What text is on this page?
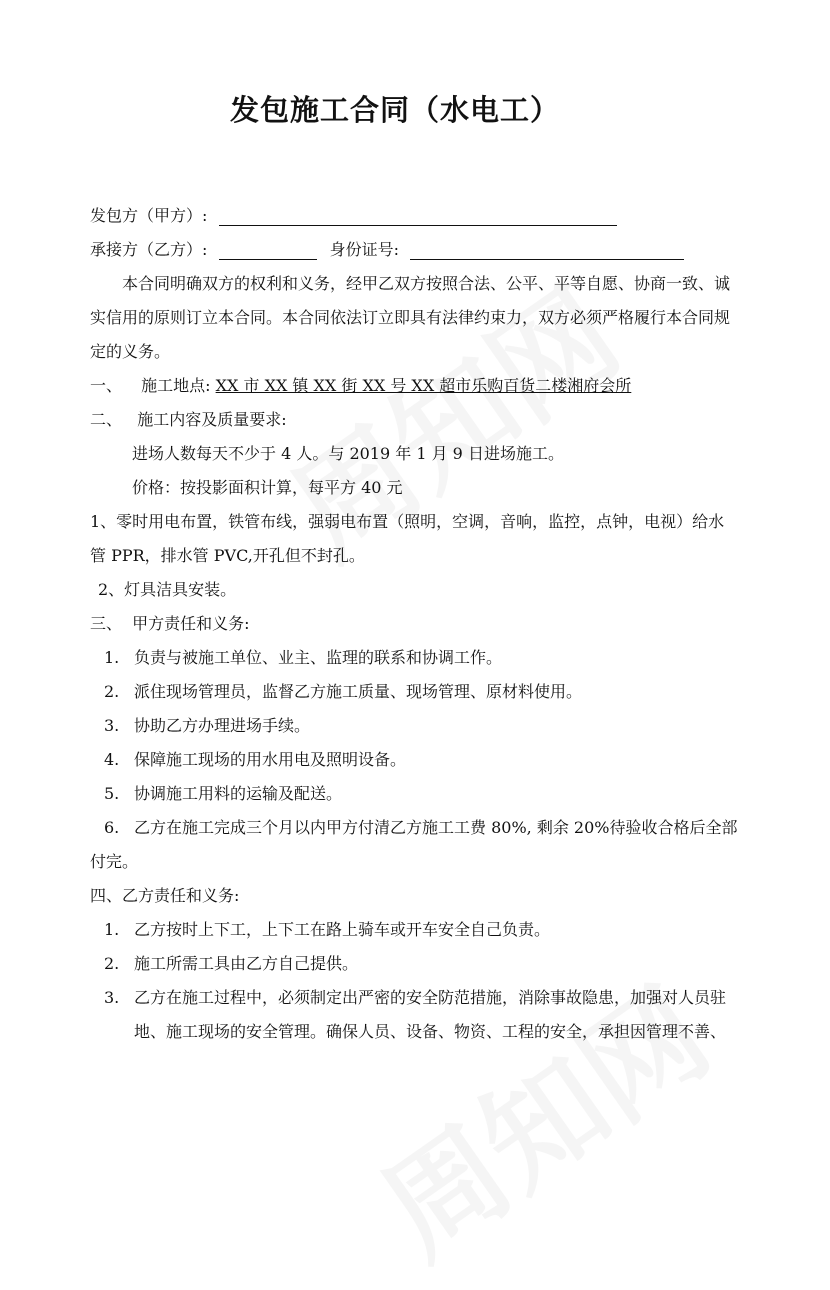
发包施工合同（水电工）
发包方（甲方）:
承接方（乙方）:	身份证号:
本合同明确双方的权利和义务，经甲乙双方按照合法、公平、平等自愿、协商一致、诚
实信用的原则订立本合同。本合同依法订立即具有法律约束力，双方必须严格履行本合同规
定的义务。
一、 施工地点: XX 市 XX 镇 XX 街 XX 号 XX 超市乐购百货二楼湘府会所
二、   施工内容及质量要求:
进场人数每天不少于 4 人。与 2019 年 1 月 9 日进场施工。
价格：按投影面积计算，每平方 40 元
1、零时用电布置，铁管布线，强弱电布置（照明，空调，音响，监控，点钟，电视）给水
管 PPR，排水管 PVC,开孔但不封孔。
2、灯具洁具安装。
三、  甲方责任和义务:
1. 负责与被施工单位、业主、监理的联系和协调工作。
2. 派住现场管理员，监督乙方施工质量、现场管理、原材料使用。
3. 协助乙方办理进场手续。
4. 保障施工现场的用水用电及照明设备。
5. 协调施工用料的运输及配送。
6. 乙方在施工完成三个月以内甲方付清乙方施工工费 80%, 剩余 20%待验收合格后全部
付完。
四、乙方责任和义务:
1. 乙方按时上下工，上下工在路上骑车或开车安全自己负责。
2. 施工所需工具由乙方自己提供。
3. 乙方在施工过程中，必须制定出严密的安全防范措施，消除事故隐患，加强对人员驻
地、施工现场的安全管理。确保人员、设备、物资、工程的安全，承担因管理不善、
